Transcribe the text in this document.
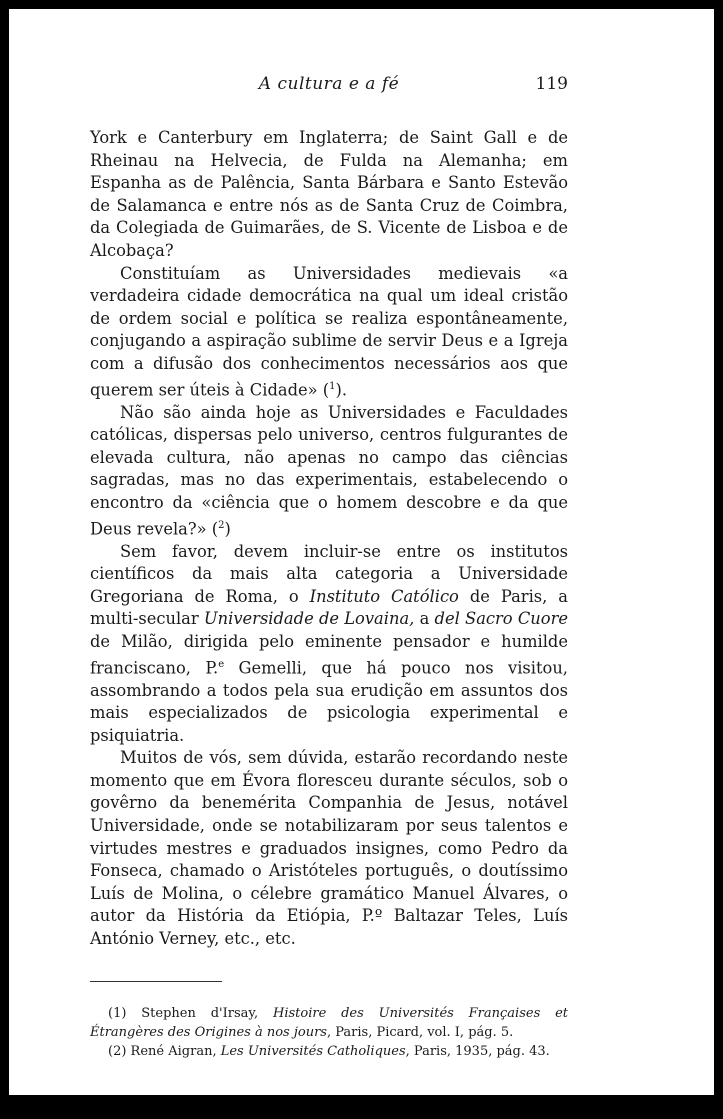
A cultura e a fé	119

York e Canterbury em Inglaterra; de Saint Gall e de Rheinau na Helvecia, de Fulda na Alemanha; em Espanha as de Palência, Santa Bárbara e Santo Estevão de Salamanca e entre nós as de Santa Cruz de Coimbra, da Colegiada de Guimarães, de S. Vicente de Lisboa e de Alcobaça?

Constituíam as Universidades medievais «a verdadeira cidade democrática na qual um ideal cristão de ordem social e política se realiza espontâneamente, conjugando a aspiração sublime de servir Deus e a Igreja com a difusão dos conhecimentos necessários aos que querem ser úteis à Cidade» ($^1$).

Não são ainda hoje as Universidades e Faculdades católicas, dispersas pelo universo, centros fulgurantes de elevada cultura, não apenas no campo das ciências sagradas, mas no das experimentais, estabelecendo o encontro da «ciência que o homem descobre e da que Deus revela?» ($^2$)

Sem favor, devem incluir-se entre os institutos científicos da mais alta categoria a Universidade Gregoriana de Roma, o Instituto Católico de Paris, a multi-secular Universidade de Lovaina, a del Sacro Cuore de Milão, dirigida pelo eminente pensador e humilde franciscano, P.$^e$ Gemelli, que há pouco nos visitou, assombrando a todos pela sua erudição em assuntos dos mais especializados de psicologia experimental e psiquiatria.

Muitos de vós, sem dúvida, estarão recordando neste momento que em Évora floresceu durante séculos, sob o govêrno da benemérita Companhia de Jesus, notável Universidade, onde se notabilizaram por seus talentos e virtudes mestres e graduados insignes, como Pedro da Fonseca, chamado o Aristóteles português, o doutíssimo Luís de Molina, o célebre gramático Manuel Álvares, o autor da História da Etiópia, P.º Baltazar Teles, Luís António Verney, etc., etc.

(1) Stephen d'Irsay, Histoire des Universités Françaises et Étrangères des Origines à nos jours, Paris, Picard, vol. I, pág. 5.

(2) René Aigran, Les Universités Catholiques, Paris, 1935, pág. 43.
